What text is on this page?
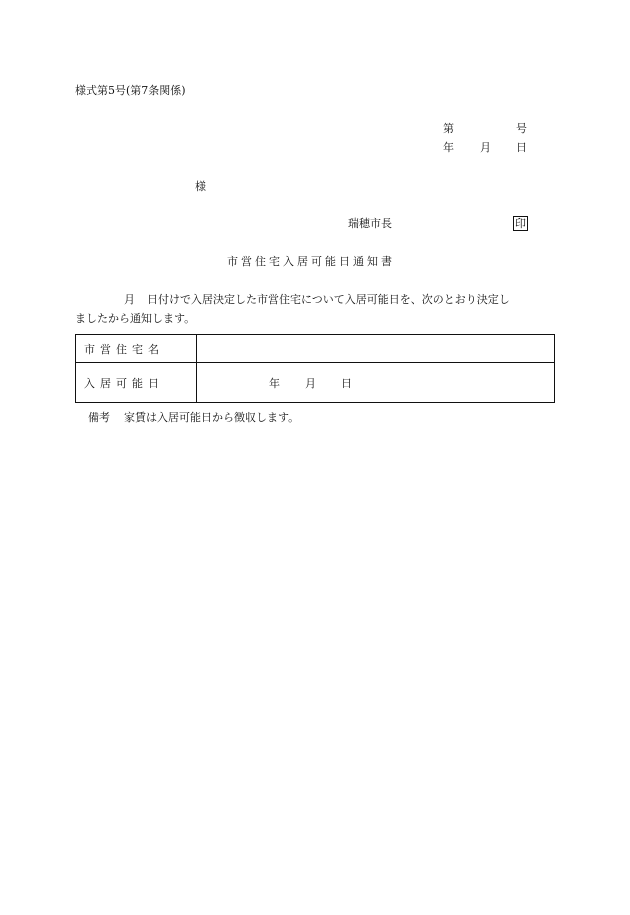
様式第5号(第7条関係)
第	号
年 月 日
様
瑞穂市長	印
市営住宅入居可能日通知書
月 日付けで入居決定した市営住宅について入居可能日を、次のとおり決定し
ましたから通知します。
市営住宅名	
入居可能日	年 月 日
備考 家賃は入居可能日から徴収します。
